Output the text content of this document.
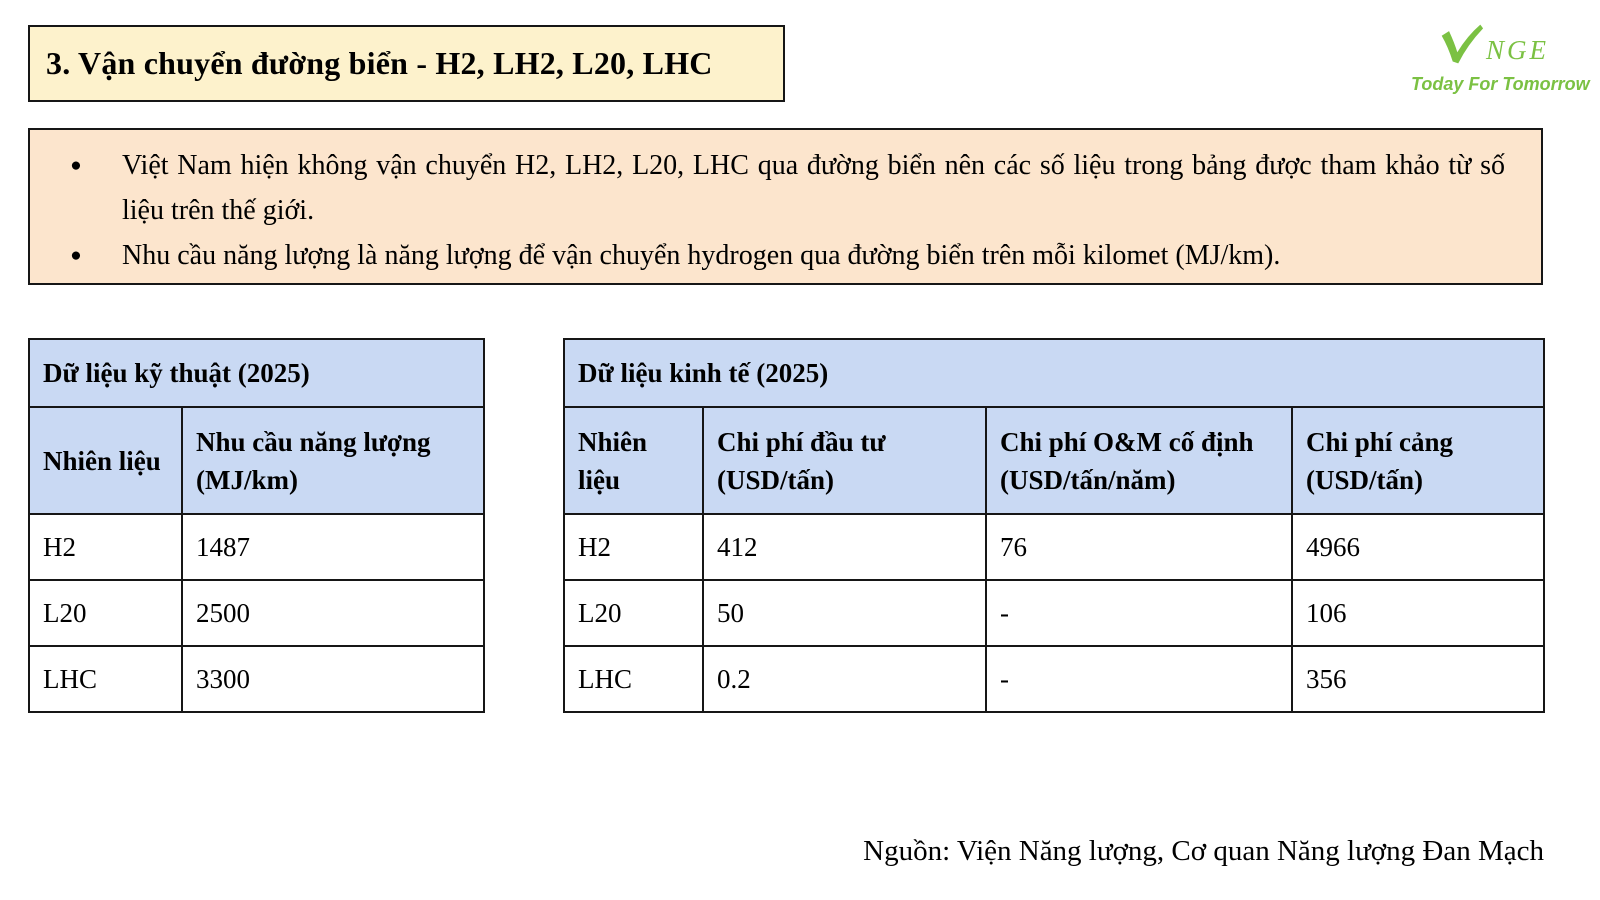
3. Vận chuyển đường biển - H2, LH2, L20, LHC	NGE
Today For Tomorrow
●	Việt Nam hiện không vận chuyển H2, LH2, L20, LHC qua đường biển nên các số liệu trong bảng được tham khảo từ số liệu trên thế giới.
●	Nhu cầu năng lượng là năng lượng để vận chuyển hydrogen qua đường biển trên mỗi kilomet (MJ/km).
Dữ liệu kỹ thuật (2025)	
Nhiên liệu	Nhu cầu năng lượng (MJ/km)
H2	1487
L20	2500
LHC	3300
Dữ liệu kinh tế (2025)			
Nhiên liệu	Chi phí đầu tư (USD/tấn)	Chi phí O&M cố định (USD/tấn/năm)	Chi phí cảng (USD/tấn)
H2	412	76	4966
L20	50	-	106
LHC	0.2	-	356
Nguồn: Viện Năng lượng, Cơ quan Năng lượng Đan Mạch
